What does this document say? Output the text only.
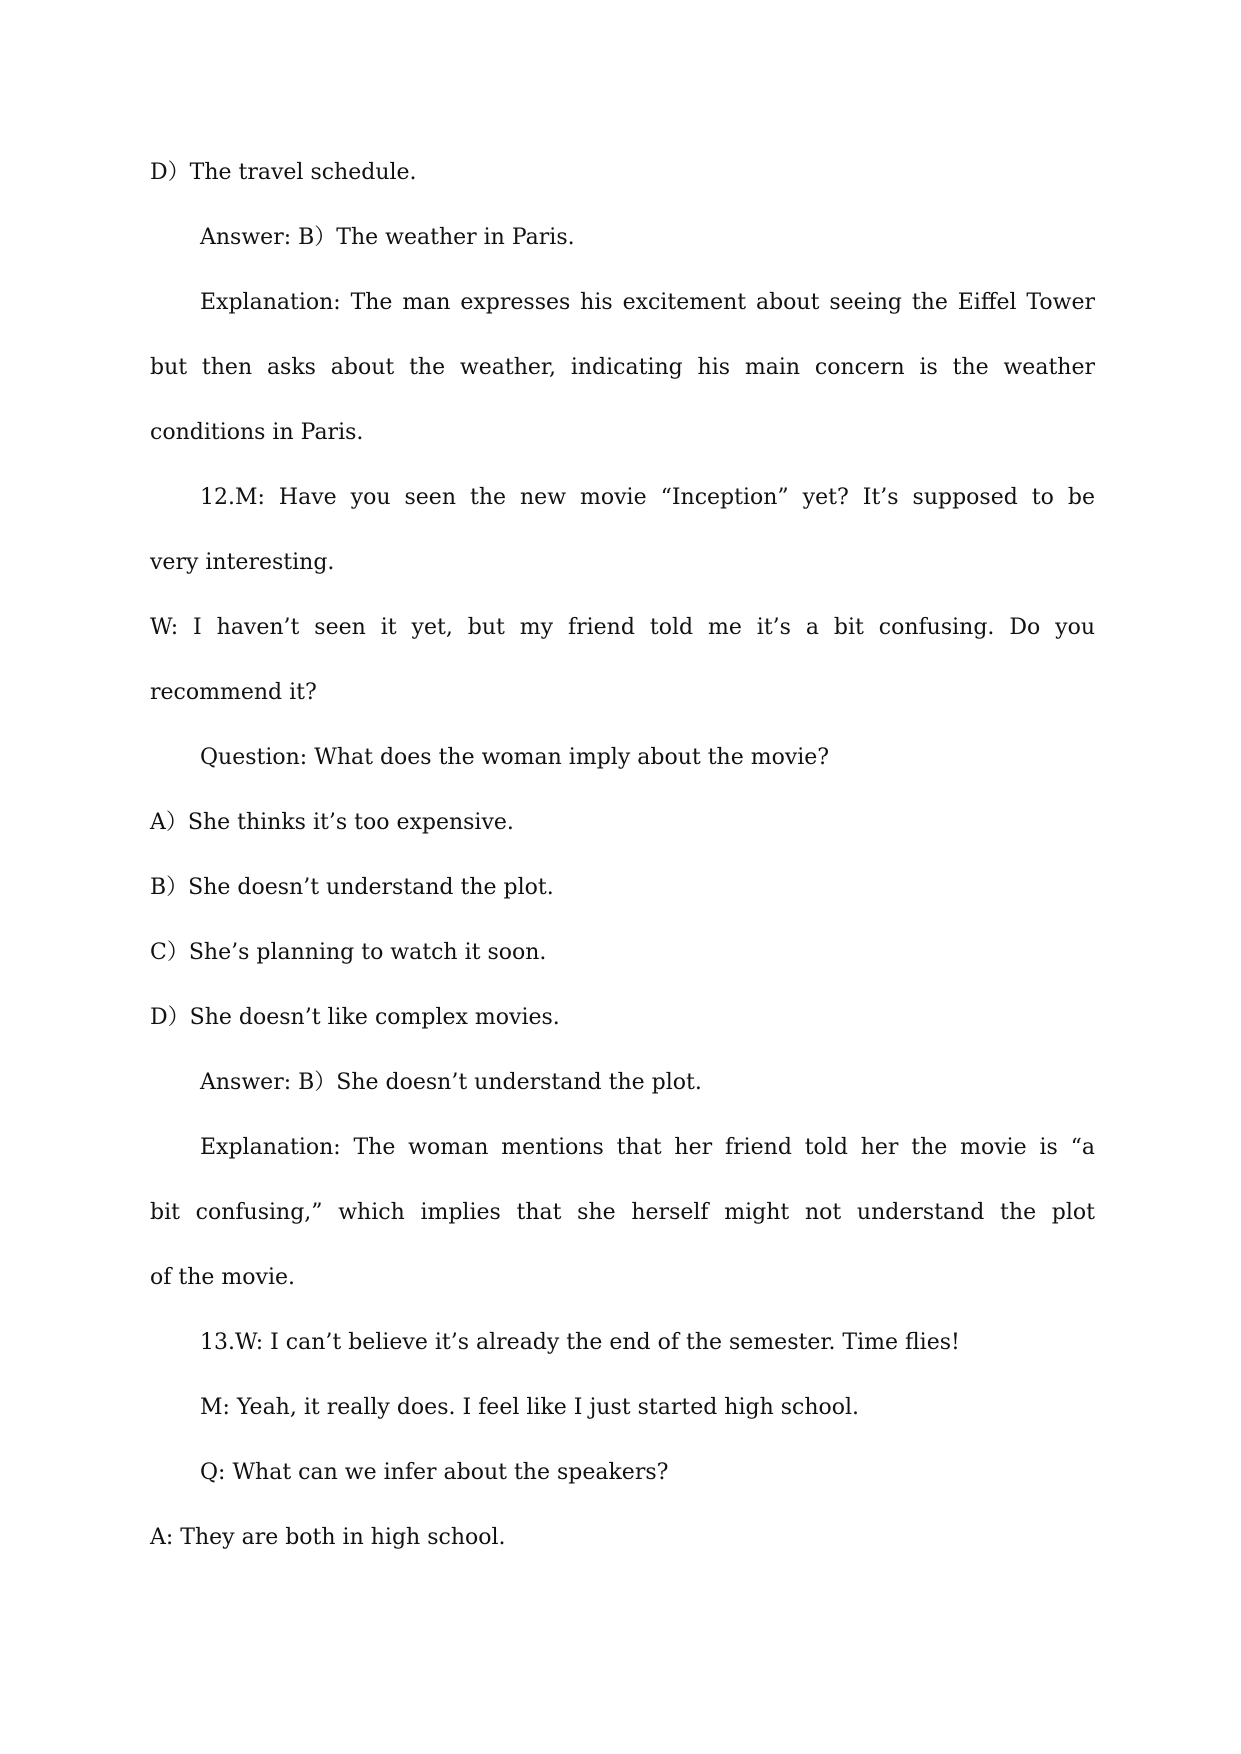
D）The travel schedule.
Answer: B）The weather in Paris.
Explanation: The man expresses his excitement about seeing the Eiffel Tower
but then asks about the weather, indicating his main concern is the weather
conditions in Paris.
12.M: Have you seen the new movie “Inception” yet? It’s supposed to be
very interesting.
W: I haven’t seen it yet, but my friend told me it’s a bit confusing. Do you
recommend it?
Question: What does the woman imply about the movie?
A）She thinks it’s too expensive.
B）She doesn’t understand the plot.
C）She’s planning to watch it soon.
D）She doesn’t like complex movies.
Answer: B）She doesn’t understand the plot.
Explanation: The woman mentions that her friend told her the movie is “a
bit confusing,” which implies that she herself might not understand the plot
of the movie.
13.W: I can’t believe it’s already the end of the semester. Time flies!
M: Yeah, it really does. I feel like I just started high school.
Q: What can we infer about the speakers?
A: They are both in high school.
